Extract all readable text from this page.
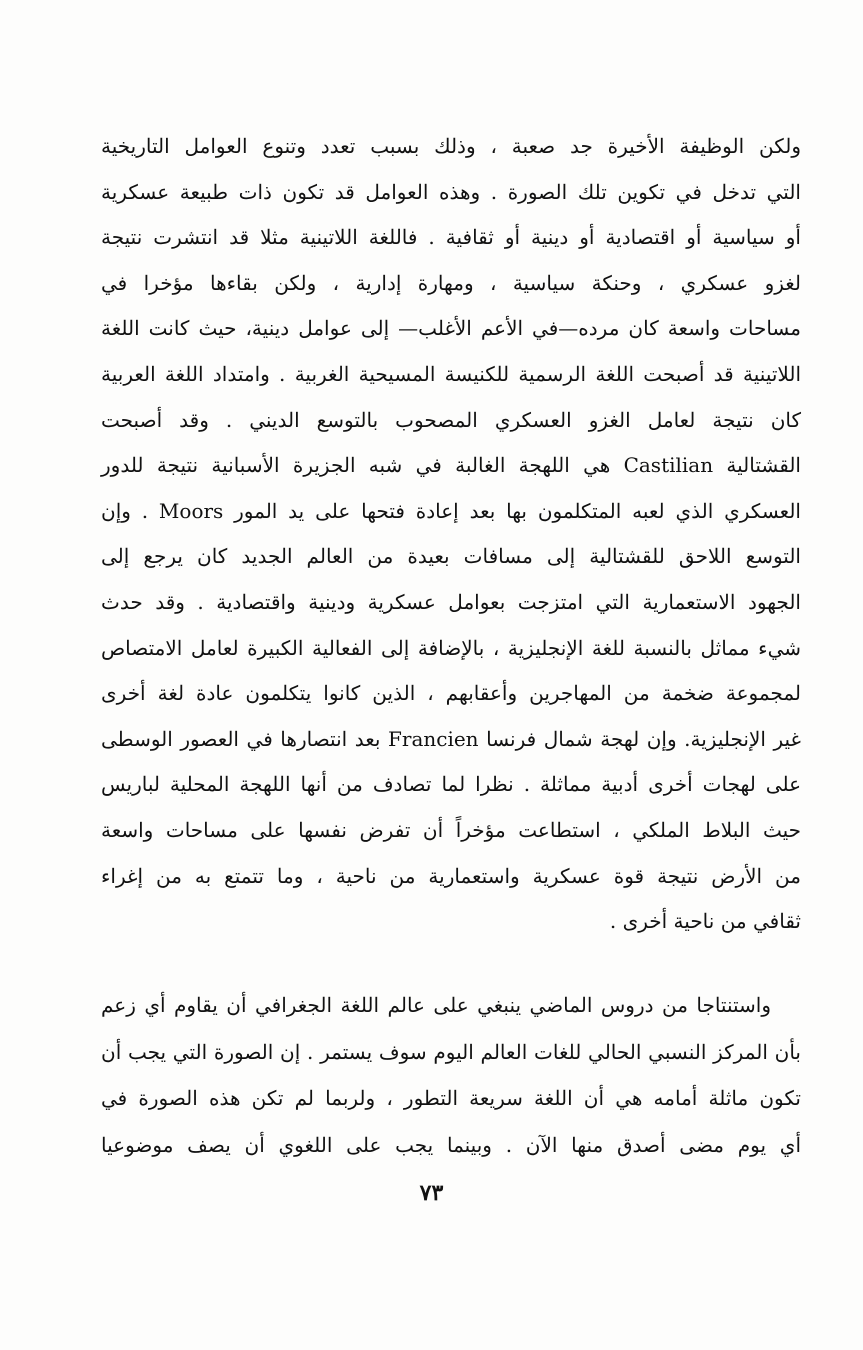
ولكن الوظيفة الأخيرة جد صعبة ، وذلك بسبب تعدد وتنوع العوامل التاريخية
التي تدخل في تكوين تلك الصورة . وهذه العوامل قد تكون ذات طبيعة عسكرية
أو سياسية أو اقتصادية أو دينية أو ثقافية . فاللغة اللاتينية مثلا قد انتشرت نتيجة
لغزو عسكري ، وحنكة سياسية ، ومهارة إدارية ، ولكن بقاءها مؤخرا في
مساحات واسعة كان مرده—في الأعم الأغلب— إلى عوامل دينية، حيث كانت اللغة
اللاتينية قد أصبحت اللغة الرسمية للكنيسة المسيحية الغربية . وامتداد اللغة العربية
كان نتيجة لعامل الغزو العسكري المصحوب بالتوسع الديني . وقد أصبحت
القشتالية Castilian هي اللهجة الغالبة في شبه الجزيرة الأسبانية نتيجة للدور
العسكري الذي لعبه المتكلمون بها بعد إعادة فتحها على يد المور Moors . وإن
التوسع اللاحق للقشتالية إلى مسافات بعيدة من العالم الجديد كان يرجع إلى
الجهود الاستعمارية التي امتزجت بعوامل عسكرية ودينية واقتصادية . وقد حدث
شيء مماثل بالنسبة للغة الإنجليزية ، بالإضافة إلى الفعالية الكبيرة لعامل الامتصاص
لمجموعة ضخمة من المهاجرين وأعقابهم ، الذين كانوا يتكلمون عادة لغة أخرى
غير الإنجليزية. وإن لهجة شمال فرنسا Francien بعد انتصارها في العصور الوسطى
على لهجات أخرى أدبية مماثلة . نظرا لما تصادف من أنها اللهجة المحلية لباريس
حيث البلاط الملكي ، استطاعت مؤخراً أن تفرض نفسها على مساحات واسعة
من الأرض نتيجة قوة عسكرية واستعمارية من ناحية ، وما تتمتع به من إغراء
ثقافي من ناحية أخرى .
واستنتاجا من دروس الماضي ينبغي على عالم اللغة الجغرافي أن يقاوم أي زعم
بأن المركز النسبي الحالي للغات العالم اليوم سوف يستمر . إن الصورة التي يجب أن
تكون ماثلة أمامه هي أن اللغة سريعة التطور ، ولربما لم تكن هذه الصورة في
أي يوم مضى أصدق منها الآن . وبينما يجب على اللغوي أن يصف موضوعيا
٧٣
